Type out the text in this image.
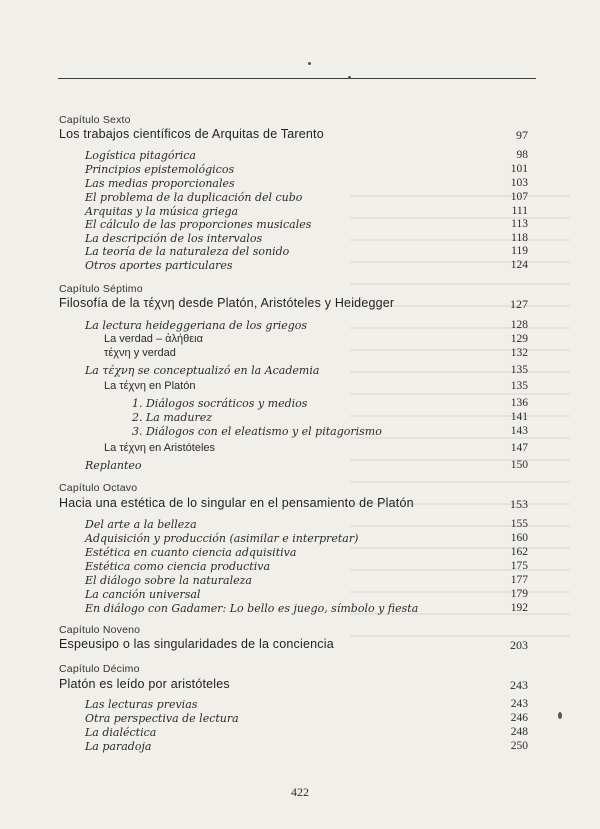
Capítulo Sexto
Los trabajos científicos de Arquitas de Tarento	97
Logística pitagórica	98
Principios epistemológicos	101
Las medias proporcionales	103
El problema de la duplicación del cubo	107
Arquitas y la música griega	111
El cálculo de las proporciones musicales	113
La descripción de los intervalos	118
La teoría de la naturaleza del sonido	119
Otros aportes particulares	124
Capítulo Séptimo
Filosofía de la τέχνη desde Platón, Aristóteles y Heidegger	127
La lectura heideggeriana de los griegos	128
La verdad – ἀλήθεια	129
τέχνη y verdad	132
La τέχνη se conceptualizó en la Academia	135
La τέχνη en Platón	135
1. Diálogos socráticos y medios	136
2. La madurez	141
3. Diálogos con el eleatismo y el pitagorismo	143
La τέχνη en Aristóteles	147
Replanteo	150
Capítulo Octavo
Hacia una estética de lo singular en el pensamiento de Platón	153
Del arte a la belleza	155
Adquisición y producción (asimilar e interpretar)	160
Estética en cuanto ciencia adquisitiva	162
Estética como ciencia productiva	175
El diálogo sobre la naturaleza	177
La canción universal	179
En diálogo con Gadamer: Lo bello es juego, símbolo y fiesta	192
Capítulo Noveno
Espeusipo o las singularidades de la conciencia	203
Capítulo Décimo
Platón es leído por aristóteles	243
Las lecturas previas	243
Otra perspectiva de lectura	246
La dialéctica	248
La paradoja	250
422
